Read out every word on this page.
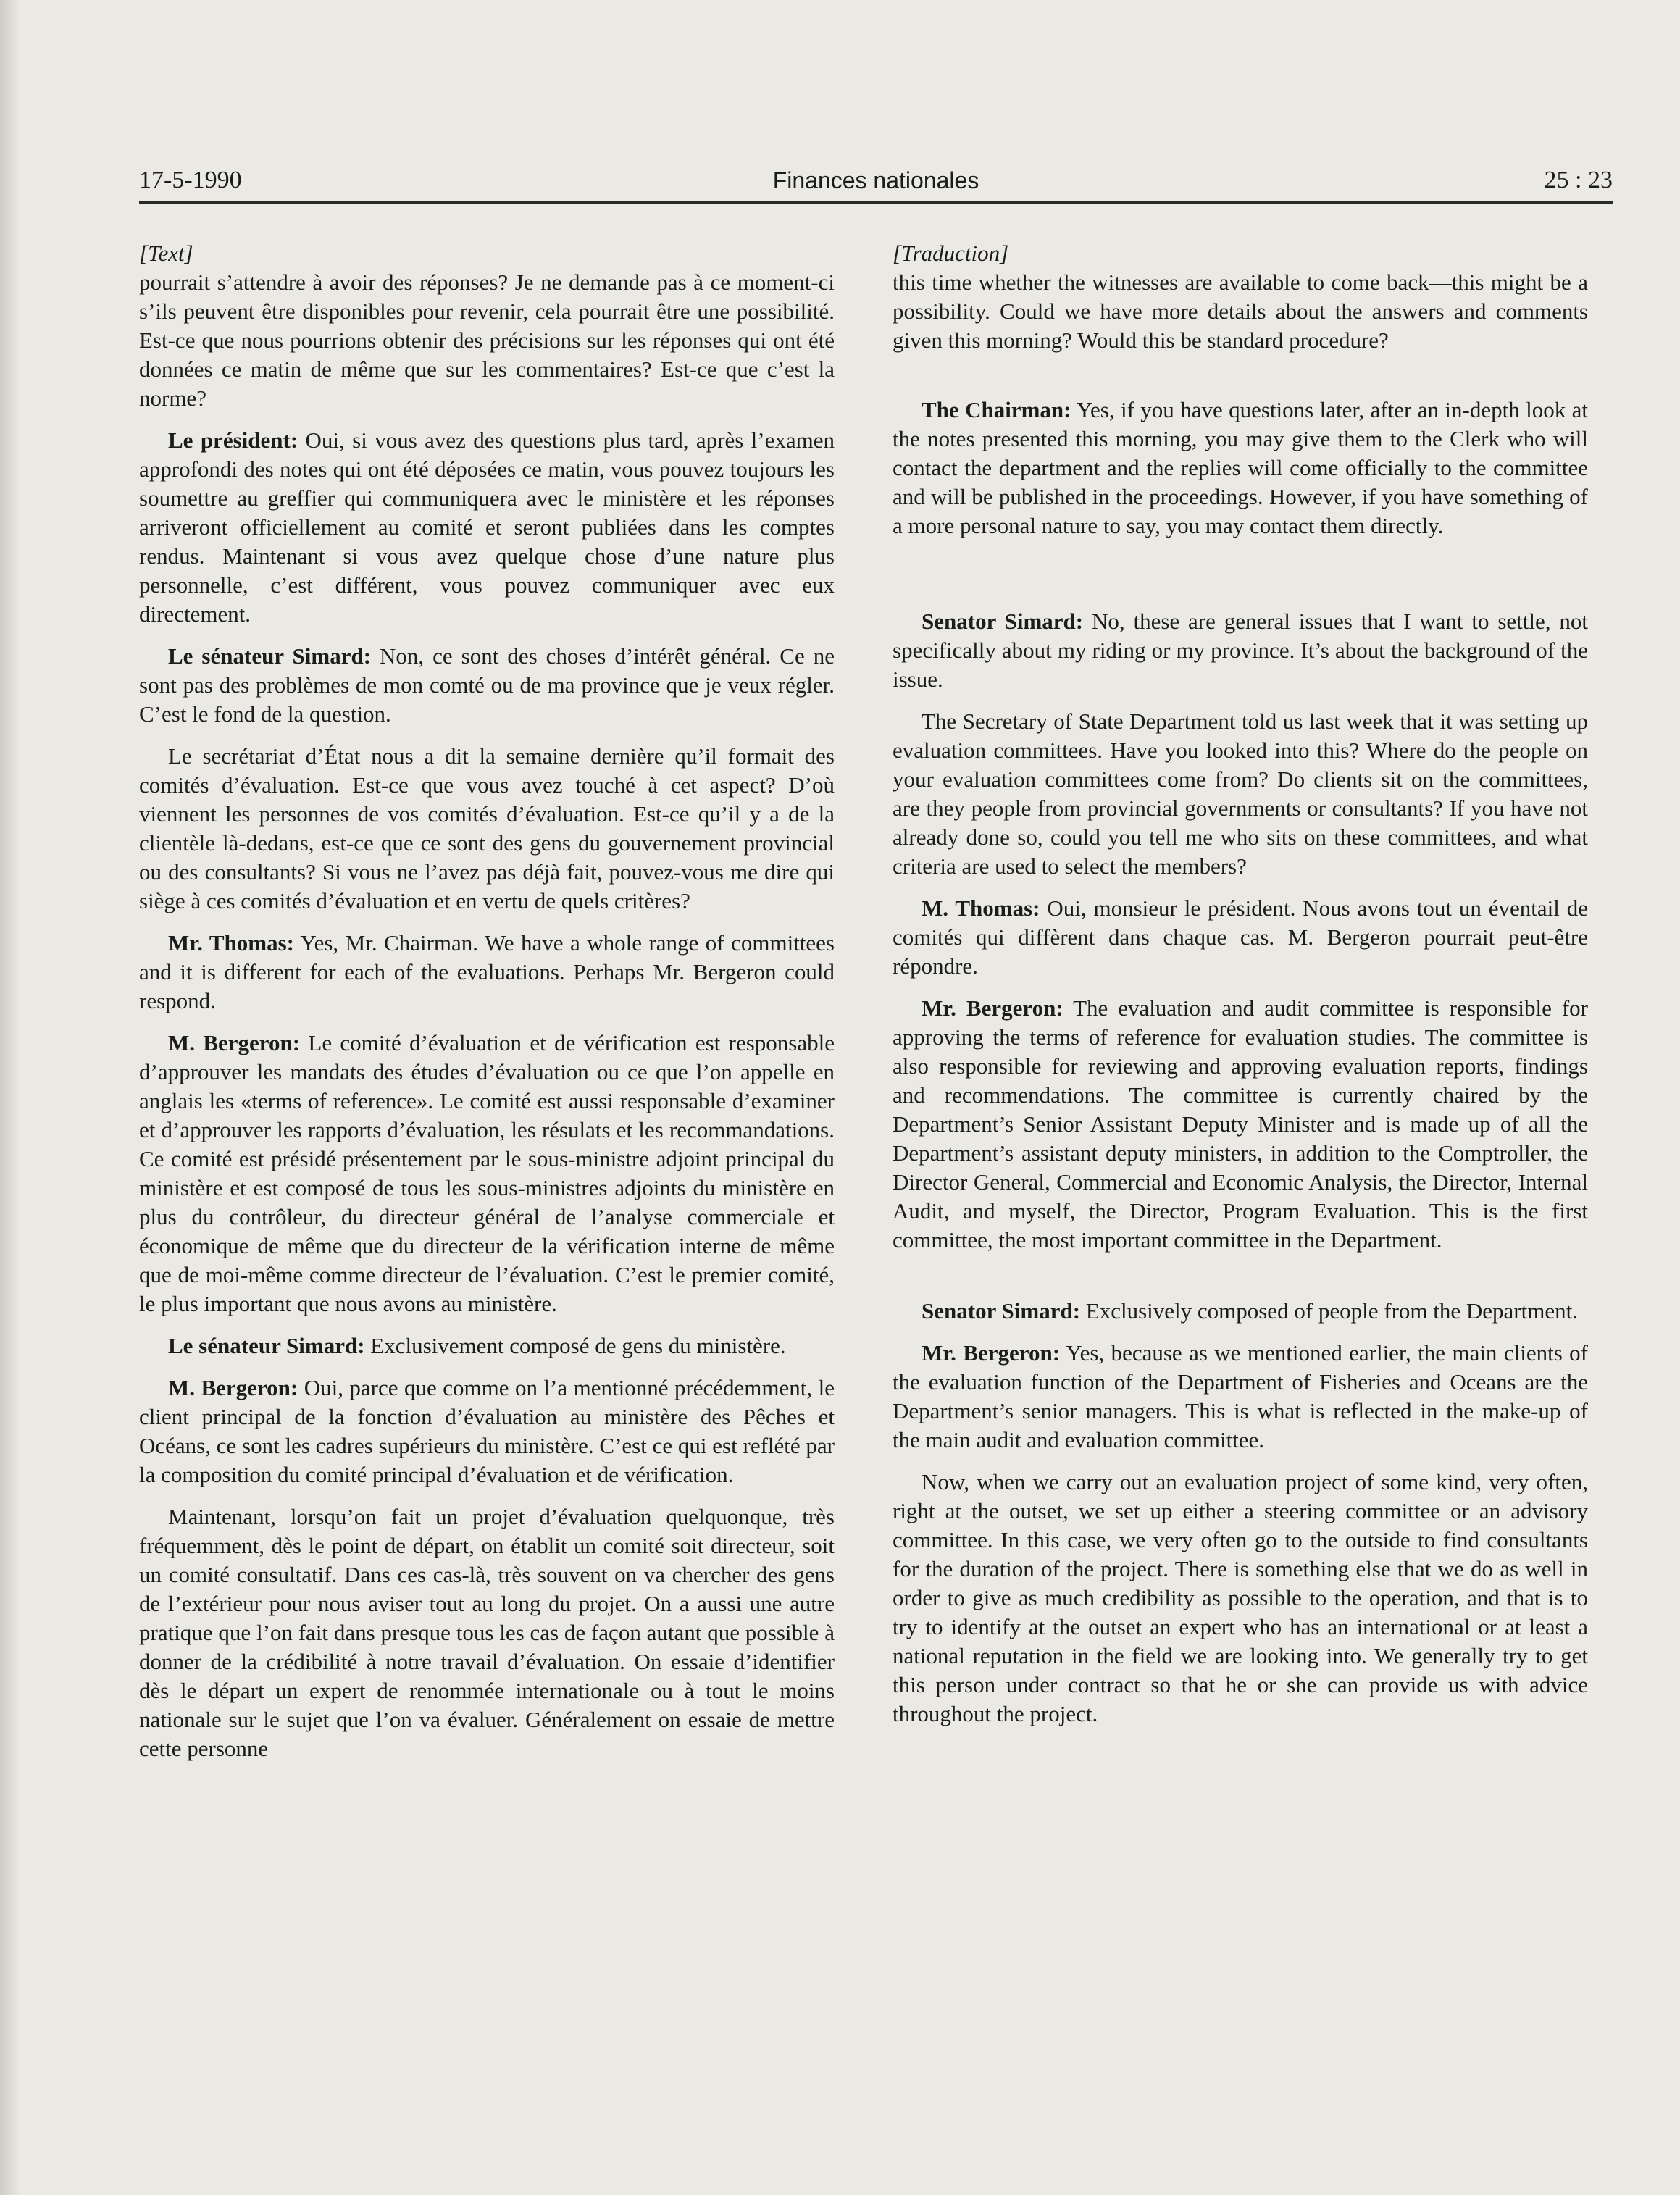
17-5-1990	Finances nationales	25 : 23
[Text]

pourrait s’attendre à avoir des réponses? Je ne demande pas à ce moment-ci s’ils peuvent être disponibles pour revenir, cela pourrait être une possibilité. Est-ce que nous pourrions obtenir des précisions sur les réponses qui ont été données ce matin de même que sur les commentaires? Est-ce que c’est la norme?

Le président: Oui, si vous avez des questions plus tard, après l’examen approfondi des notes qui ont été déposées ce matin, vous pouvez toujours les soumettre au greffier qui communiquera avec le ministère et les réponses arriveront officiellement au comité et seront publiées dans les comptes rendus. Maintenant si vous avez quelque chose d’une nature plus personnelle, c’est différent, vous pouvez communiquer avec eux directement.

Le sénateur Simard: Non, ce sont des choses d’intérêt général. Ce ne sont pas des problèmes de mon comté ou de ma province que je veux régler. C’est le fond de la question.

Le secrétariat d’État nous a dit la semaine dernière qu’il formait des comités d’évaluation. Est-ce que vous avez touché à cet aspect? D’où viennent les personnes de vos comités d’évaluation. Est-ce qu’il y a de la clientèle là-dedans, est-ce que ce sont des gens du gouvernement provincial ou des consultants? Si vous ne l’avez pas déjà fait, pouvez-vous me dire qui siège à ces comités d’évaluation et en vertu de quels critères?

Mr. Thomas: Yes, Mr. Chairman. We have a whole range of committees and it is different for each of the evaluations. Perhaps Mr. Bergeron could respond.

M. Bergeron: Le comité d’évaluation et de vérification est responsable d’approuver les mandats des études d’évaluation ou ce que l’on appelle en anglais les «terms of reference». Le comité est aussi responsable d’examiner et d’approuver les rapports d’évaluation, les résulats et les recommandations. Ce comité est présidé présentement par le sous-ministre adjoint principal du ministère et est composé de tous les sous-ministres adjoints du ministère en plus du contrôleur, du directeur général de l’analyse commerciale et économique de même que du directeur de la vérification interne de même que de moi-même comme directeur de l’évaluation. C’est le premier comité, le plus important que nous avons au ministère.

Le sénateur Simard: Exclusivement composé de gens du ministère.

M. Bergeron: Oui, parce que comme on l’a mentionné précédemment, le client principal de la fonction d’évaluation au ministère des Pêches et Océans, ce sont les cadres supérieurs du ministère. C’est ce qui est reflété par la composition du comité principal d’évaluation et de vérification.

Maintenant, lorsqu’on fait un projet d’évaluation quelquonque, très fréquemment, dès le point de départ, on établit un comité soit directeur, soit un comité consultatif. Dans ces cas-là, très souvent on va chercher des gens de l’extérieur pour nous aviser tout au long du projet. On a aussi une autre pratique que l’on fait dans presque tous les cas de façon autant que possible à donner de la crédibilité à notre travail d’évaluation. On essaie d’identifier dès le départ un expert de renommée internationale ou à tout le moins nationale sur le sujet que l’on va évaluer. Généralement on essaie de mettre cette personne

[Traduction]

this time whether the witnesses are available to come back—this might be a possibility. Could we have more details about the answers and comments given this morning? Would this be standard procedure?

The Chairman: Yes, if you have questions later, after an in-depth look at the notes presented this morning, you may give them to the Clerk who will contact the department and the replies will come officially to the committee and will be published in the proceedings. However, if you have something of a more personal nature to say, you may contact them directly.

Senator Simard: No, these are general issues that I want to settle, not specifically about my riding or my province. It’s about the background of the issue.

The Secretary of State Department told us last week that it was setting up evaluation committees. Have you looked into this? Where do the people on your evaluation committees come from? Do clients sit on the committees, are they people from provincial governments or consultants? If you have not already done so, could you tell me who sits on these committees, and what criteria are used to select the members?

M. Thomas: Oui, monsieur le président. Nous avons tout un éventail de comités qui diffèrent dans chaque cas. M. Bergeron pourrait peut-être répondre.

Mr. Bergeron: The evaluation and audit committee is responsible for approving the terms of reference for evaluation studies. The committee is also responsible for reviewing and approving evaluation reports, findings and recommendations. The committee is currently chaired by the Department’s Senior Assistant Deputy Minister and is made up of all the Department’s assistant deputy ministers, in addition to the Comptroller, the Director General, Commercial and Economic Analysis, the Director, Internal Audit, and myself, the Director, Program Evaluation. This is the first committee, the most important committee in the Department.

Senator Simard: Exclusively composed of people from the Department.

Mr. Bergeron: Yes, because as we mentioned earlier, the main clients of the evaluation function of the Department of Fisheries and Oceans are the Department’s senior managers. This is what is reflected in the make-up of the main audit and evaluation committee.

Now, when we carry out an evaluation project of some kind, very often, right at the outset, we set up either a steering committee or an advisory committee. In this case, we very often go to the outside to find consultants for the duration of the project. There is something else that we do as well in order to give as much credibility as possible to the operation, and that is to try to identify at the outset an expert who has an international or at least a national reputation in the field we are looking into. We generally try to get this person under contract so that he or she can provide us with advice throughout the project.
